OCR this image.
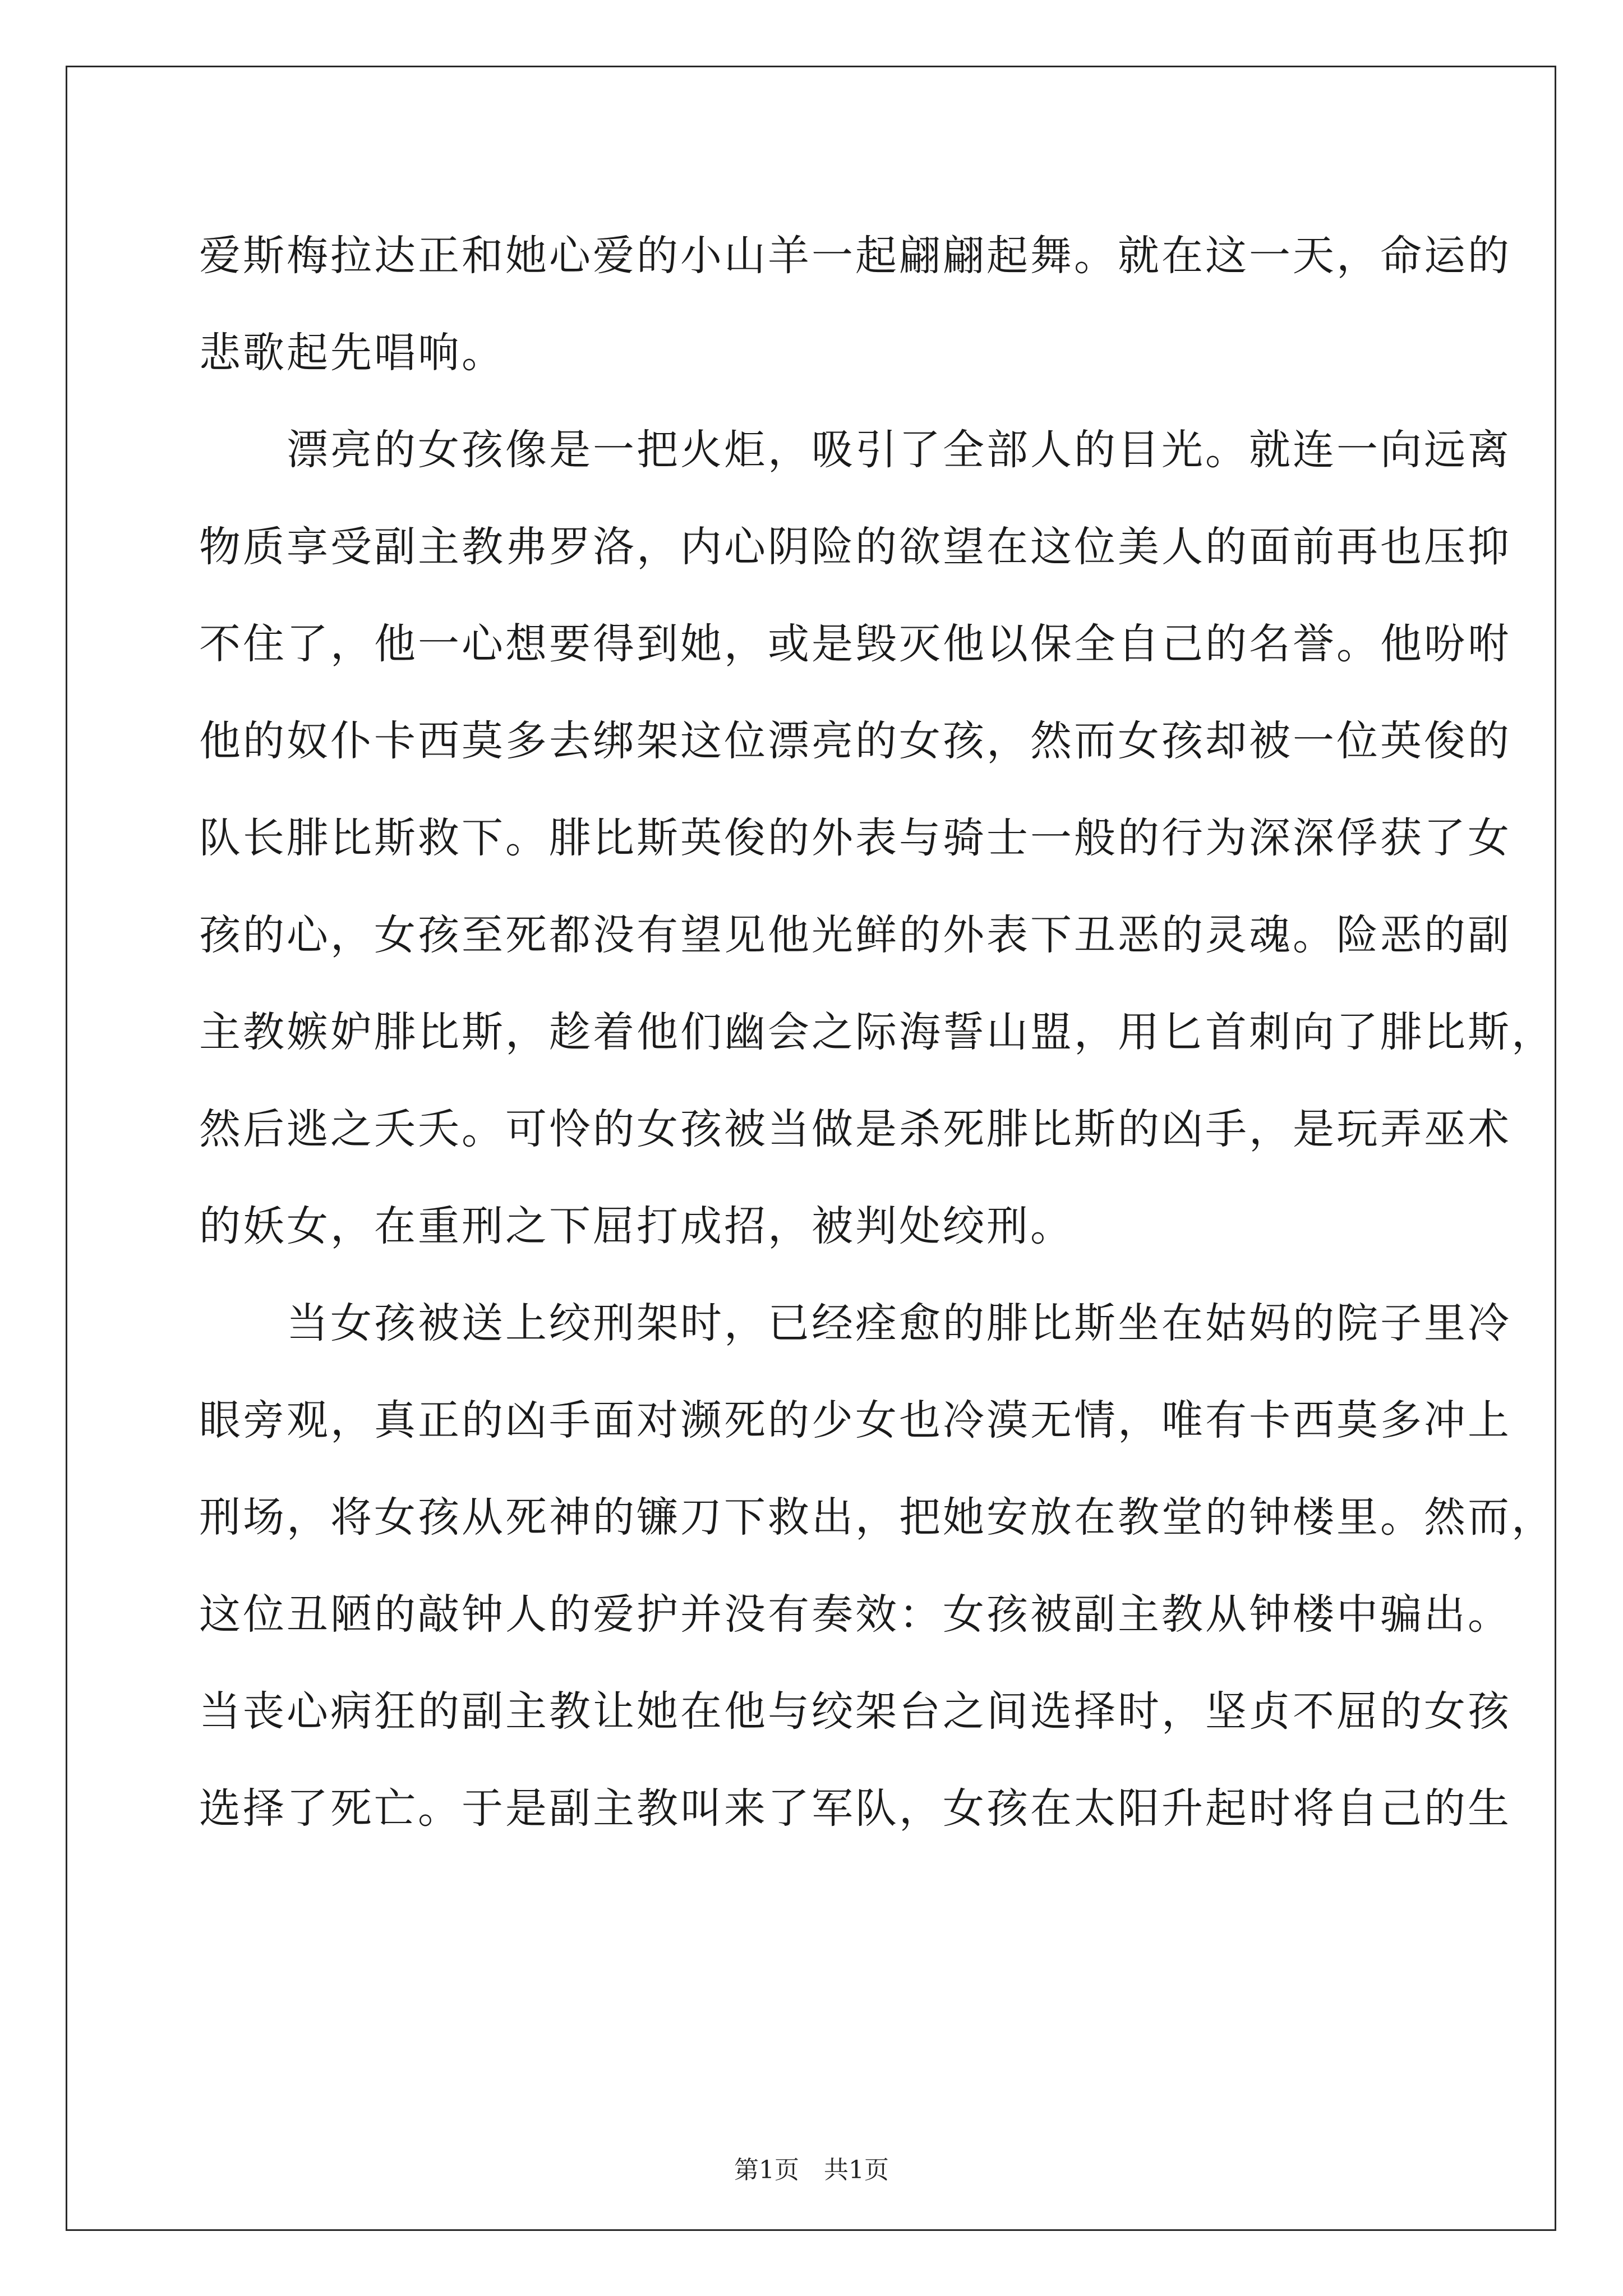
爱斯梅拉达正和她心爱的小山羊一起翩翩起舞。就在这一天，命运的
悲歌起先唱响。
　　漂亮的女孩像是一把火炬，吸引了全部人的目光。就连一向远离
物质享受副主教弗罗洛，内心阴险的欲望在这位美人的面前再也压抑
不住了，他一心想要得到她，或是毁灭他以保全自己的名誉。他吩咐
他的奴仆卡西莫多去绑架这位漂亮的女孩，然而女孩却被一位英俊的
队长腓比斯救下。腓比斯英俊的外表与骑士一般的行为深深俘获了女
孩的心，女孩至死都没有望见他光鲜的外表下丑恶的灵魂。险恶的副
主教嫉妒腓比斯，趁着他们幽会之际海誓山盟，用匕首刺向了腓比斯，
然后逃之夭夭。可怜的女孩被当做是杀死腓比斯的凶手，是玩弄巫术
的妖女，在重刑之下屈打成招，被判处绞刑。
　　当女孩被送上绞刑架时，已经痊愈的腓比斯坐在姑妈的院子里冷
眼旁观，真正的凶手面对濒死的少女也冷漠无情，唯有卡西莫多冲上
刑场，将女孩从死神的镰刀下救出，把她安放在教堂的钟楼里。然而，
这位丑陋的敲钟人的爱护并没有奏效：女孩被副主教从钟楼中骗出。
当丧心病狂的副主教让她在他与绞架台之间选择时，坚贞不屈的女孩
选择了死亡。于是副主教叫来了军队，女孩在太阳升起时将自己的生
第1页　共1页
